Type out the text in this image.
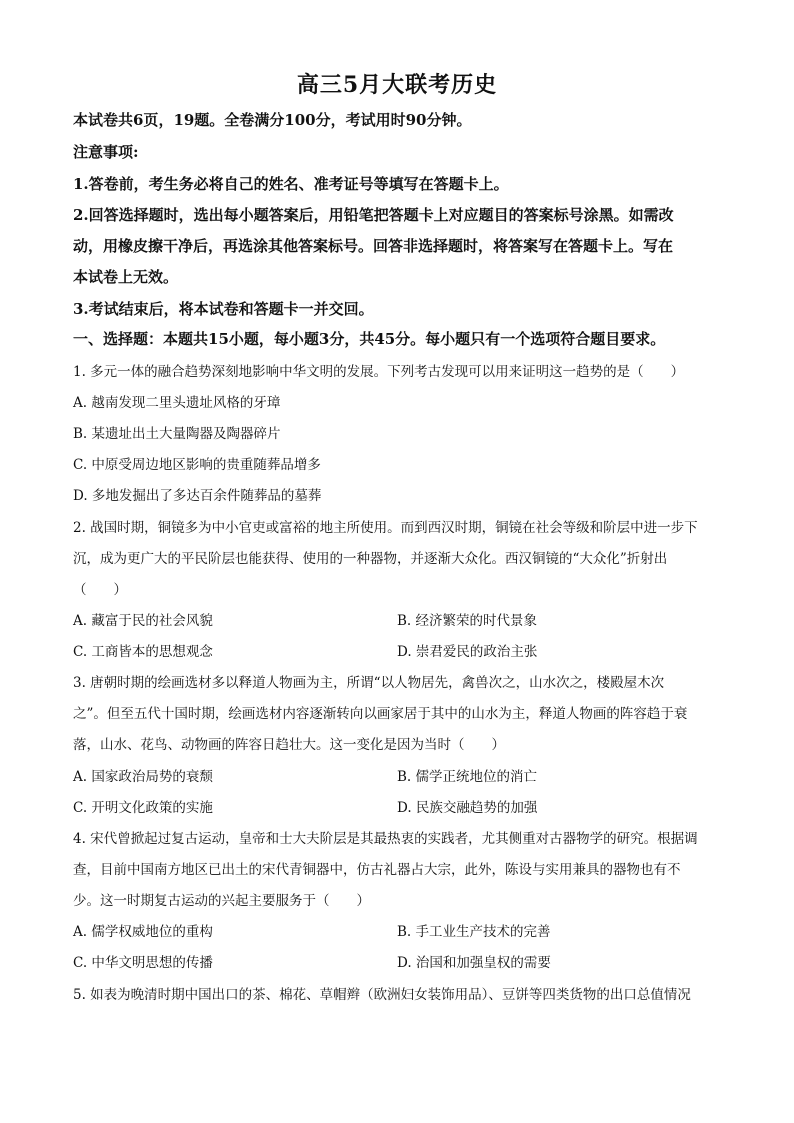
高三5月大联考历史
本试卷共6页，19题。全卷满分100分，考试用时90分钟。
注意事项:
1.答卷前，考生务必将自己的姓名、准考证号等填写在答题卡上。
2.回答选择题时，选出每小题答案后，用铅笔把答题卡上对应题目的答案标号涂黑。如需改
动，用橡皮擦干净后，再选涂其他答案标号。回答非选择题时，将答案写在答题卡上。写在
本试卷上无效。
3.考试结束后，将本试卷和答题卡一并交回。
一、选择题：本题共15小题，每小题3分，共45分。每小题只有一个选项符合题目要求。
1. 多元一体的融合趋势深刻地影响中华文明的发展。下列考古发现可以用来证明这一趋势的是（　　）
A. 越南发现二里头遗址风格的牙璋
B. 某遗址出土大量陶器及陶器碎片
C. 中原受周边地区影响的贵重随葬品增多
D. 多地发掘出了多达百余件随葬品的墓葬
2. 战国时期，铜镜多为中小官吏或富裕的地主所使用。而到西汉时期，铜镜在社会等级和阶层中进一步下
沉，成为更广大的平民阶层也能获得、使用的一种器物，并逐渐大众化。西汉铜镜的“大众化”折射出
（　　）
A. 藏富于民的社会风貌	B. 经济繁荣的时代景象
C. 工商皆本的思想观念	D. 崇君爱民的政治主张
3. 唐朝时期的绘画选材多以释道人物画为主，所谓“以人物居先，禽兽次之，山水次之，楼殿屋木次
之”。但至五代十国时期，绘画选材内容逐渐转向以画家居于其中的山水为主，释道人物画的阵容趋于衰
落，山水、花鸟、动物画的阵容日趋壮大。这一变化是因为当时（　　）
A. 国家政治局势的衰颓	B. 儒学正统地位的消亡
C. 开明文化政策的实施	D. 民族交融趋势的加强
4. 宋代曾掀起过复古运动，皇帝和士大夫阶层是其最热衷的实践者，尤其侧重对古器物学的研究。根据调
查，目前中国南方地区已出土的宋代青铜器中，仿古礼器占大宗，此外，陈设与实用兼具的器物也有不
少。这一时期复古运动的兴起主要服务于（　　）
A. 儒学权威地位的重构	B. 手工业生产技术的完善
C. 中华文明思想的传播	D. 治国和加强皇权的需要
5. 如表为晚清时期中国出口的茶、棉花、草帽辫（欧洲妇女装饰用品）、豆饼等四类货物的出口总值情况
